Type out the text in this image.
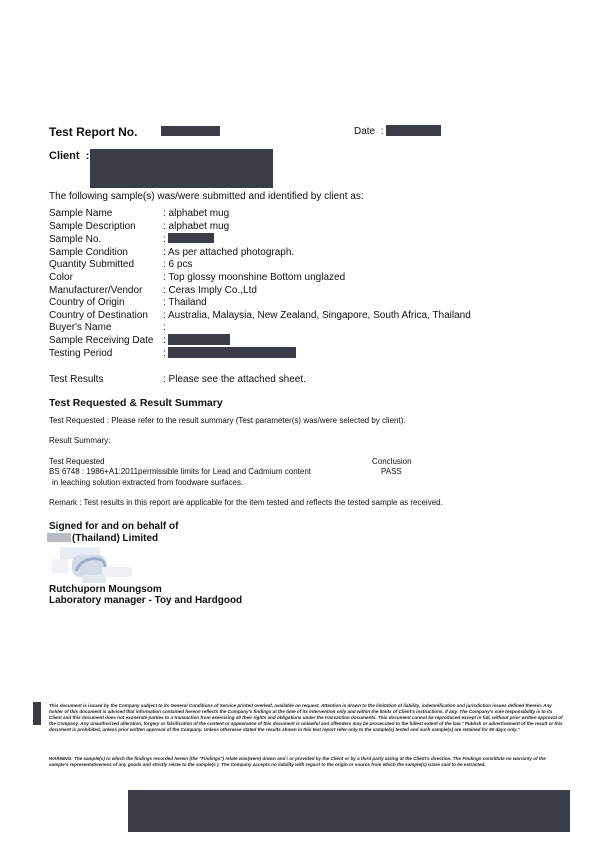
Test Report No.	Date :
Client :
The following sample(s) was/were submitted and identified by client as:
Sample Name	: alphabet mug
Sample Description	: alphabet mug
Sample No.	:
Sample Condition	: As per attached photograph.
Quantity Submitted	: 6 pcs
Color	: Top glossy moonshine Bottom unglazed
Manufacturer/Vendor : Ceras Imply Co.,Ltd
Country of Origin	: Thailand
Country of Destination : Australia, Malaysia, New Zealand, Singapore, South Africa, Thailand
Buyer's Name	:
Sample Receiving Date :
Testing Period	:
Test Results	: Please see the attached sheet.
Test Requested & Result Summary
Test Requested : Please refer to the result summary (Test parameter(s) was/were selected by client).
Result Summary:
Test Requested	Conclusion
BS 6748 : 1986+A1:2011permissible limits for Lead and Cadmium content	PASS
in leaching solution extracted from foodware surfaces.
Remark : Test results in this report are applicable for the item tested and reflects the tested sample as received.
Signed for and on behalf of
(Thailand) Limited
Rutchuporn Moungsom
Laboratory manager - Toy and Hardgood
This document is issued by the Company subject to its General Conditions of Service printed overleaf, available on request. Attention is drawn to the limitation of liability, indemnification and jurisdiction issues defined therein. Any holder of this document is advised that information contained hereon reflects the Company's findings at the time of its intervention only and within the limits of Client's instructions, if any. The Company's sole responsibility is to its Client and this document does not exonerate parties to a transaction from exercising all their rights and obligations under the transaction documents. This document cannot be reproduced except in full, without prior written approval of the Company. Any unauthorized alteration, forgery or falsification of the content or appearance of this document is unlawful and offenders may be prosecuted to the fullest extent of the law." Publish or advertisement of the result or this document is prohibited, unless prior written approval of the Company. Unless otherwise stated the results shown in this test report refer only to the sample(s) tested and such sample(s) are retained for 90 days only."
WARNING: The sample(s) to which the findings recorded herein (the "Findings") relate was(were) drawn and / or provided by the Client or by a third party acting at the Client's direction. The Findings constitute no warranty of the sample's representativeness of any goods and strictly relate to the sample(s ). The Company accepts no liability with regard to the origin or source from which the sample(s) is/are said to be extracted.
